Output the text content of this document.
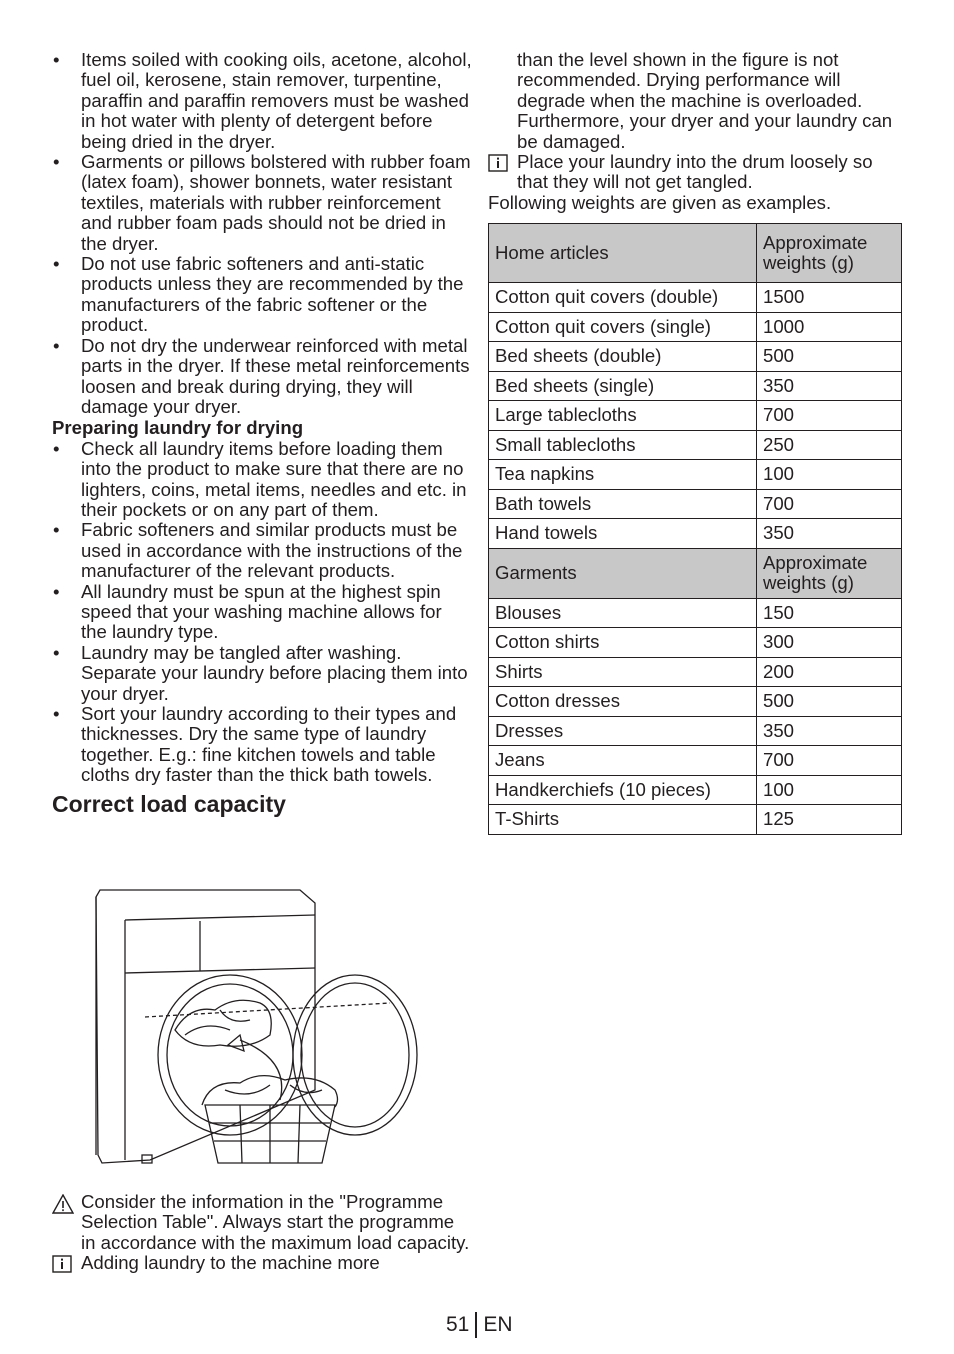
• Items soiled with cooking oils, acetone, alcohol, fuel oil, kerosene, stain remover, turpentine, paraffin and paraffin removers must be washed in hot water with plenty of detergent before being dried in the dryer.
• Garments or pillows bolstered with rubber foam (latex foam), shower bonnets, water resistant textiles, materials with rubber reinforcement and rubber foam pads should not be dried in the dryer.
• Do not use fabric softeners and anti-static products unless they are recommended by the manufacturers of the fabric softener or the product.
• Do not dry the underwear reinforced with metal parts in the dryer. If these metal reinforcements loosen and break during drying, they will damage your dryer.
Preparing laundry for drying
• Check all laundry items before loading them into the product to make sure that there are no lighters, coins, metal items, needles and etc. in their pockets or on any part of them.
• Fabric softeners and similar products must be used in accordance with the instructions of the manufacturer of the relevant products.
• All laundry must be spun at the highest spin speed that your washing machine allows for the laundry type.
• Laundry may be tangled after washing. Separate your laundry before placing them into your dryer.
• Sort your laundry according to their types and thicknesses. Dry the same type of laundry together. E.g.: fine kitchen towels and table cloths dry faster than the thick bath towels.
Correct load capacity
Consider the information in the "Programme Selection Table". Always start the programme in accordance with the maximum load capacity.
Adding laundry to the machine more
than the level shown in the figure is not recommended. Drying performance will degrade when the machine is overloaded. Furthermore, your dryer and your laundry can be damaged.
Place your laundry into the drum loosely so that they will not get tangled.
Following weights are given as examples.
Home articles	Approximate weights (g)
Cotton quit covers (double)	1500
Cotton quit covers (single)	1000
Bed sheets (double)	500
Bed sheets (single)	350
Large tablecloths	700
Small tablecloths	250
Tea napkins	100
Bath towels	700
Hand towels	350
Garments	Approximate weights (g)
Blouses	150
Cotton shirts	300
Shirts	200
Cotton dresses	500
Dresses	350
Jeans	700
Handkerchiefs (10 pieces)	100
T-Shirts	125
51 EN
